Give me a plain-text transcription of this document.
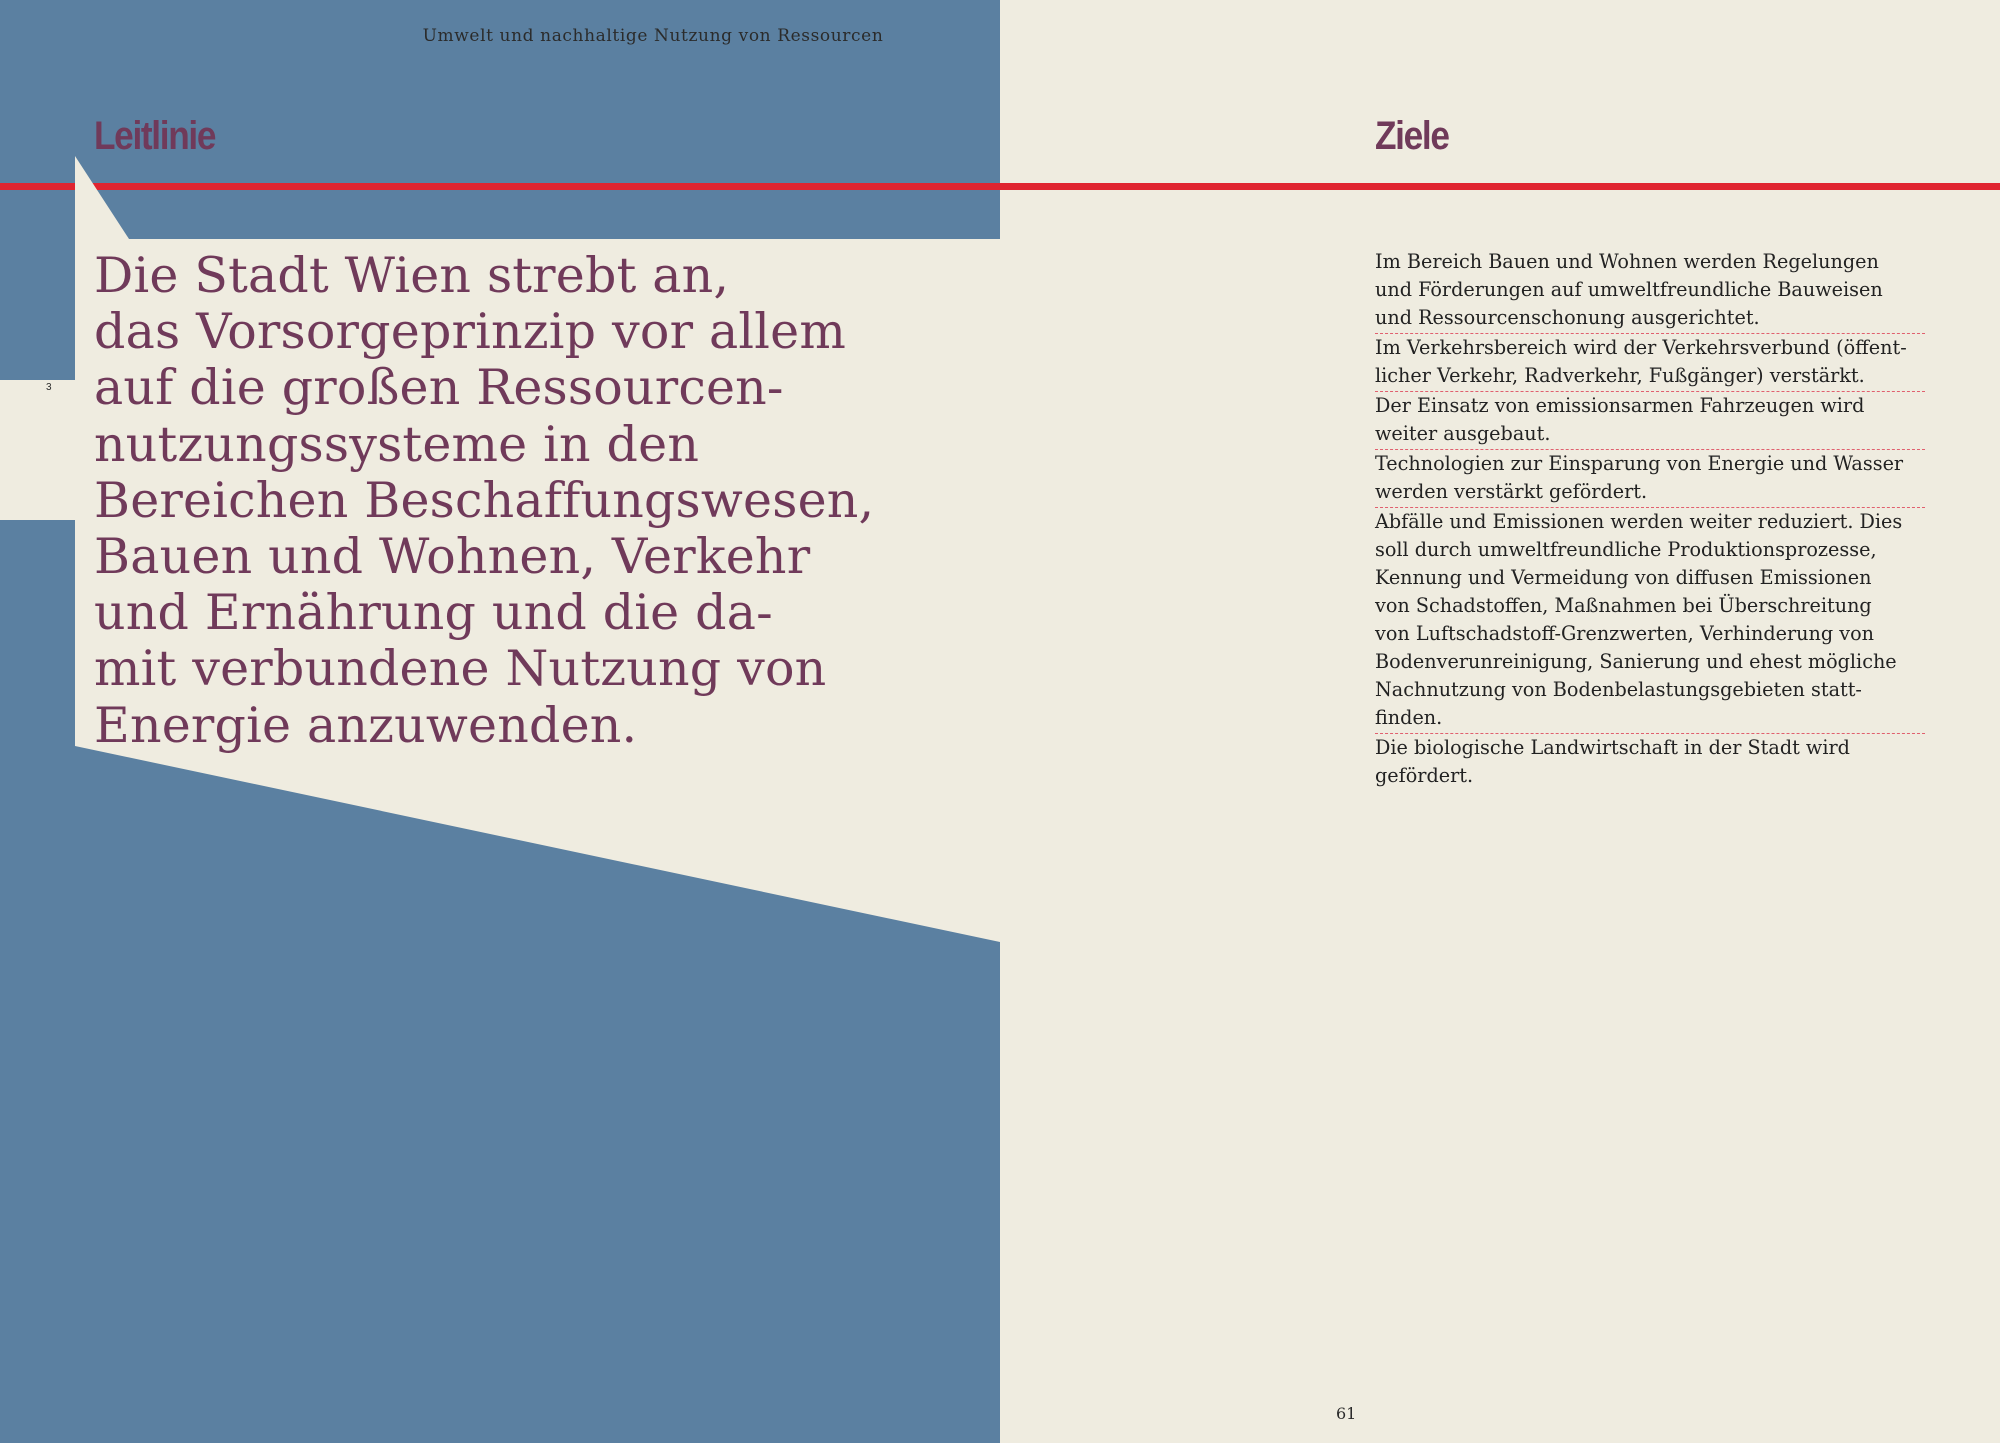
Umwelt und nachhaltige Nutzung von Ressourcen
Leitlinie	Ziele
3
Die Stadt Wien strebt an,
das Vorsorgeprinzip vor allem
auf die großen Ressourcen-
nutzungssysteme in den
Bereichen Beschaffungswesen,
Bauen und Wohnen, Verkehr
und Ernährung und die da-
mit verbundene Nutzung von
Energie anzuwenden.
Im Bereich Bauen und Wohnen werden Regelungen
und Förderungen auf umweltfreundliche Bauweisen
und Ressourcenschonung ausgerichtet.
Im Verkehrsbereich wird der Verkehrsverbund (öffent-
licher Verkehr, Radverkehr, Fußgänger) verstärkt.
Der Einsatz von emissionsarmen Fahrzeugen wird
weiter ausgebaut.
Technologien zur Einsparung von Energie und Wasser
werden verstärkt gefördert.
Abfälle und Emissionen werden weiter reduziert. Dies
soll durch umweltfreundliche Produktionsprozesse,
Kennung und Vermeidung von diffusen Emissionen
von Schadstoffen, Maßnahmen bei Überschreitung
von Luftschadstoff-Grenzwerten, Verhinderung von
Bodenverunreinigung, Sanierung und ehest mögliche
Nachnutzung von Bodenbelastungsgebieten statt-
finden.
Die biologische Landwirtschaft in der Stadt wird
gefördert.
61
